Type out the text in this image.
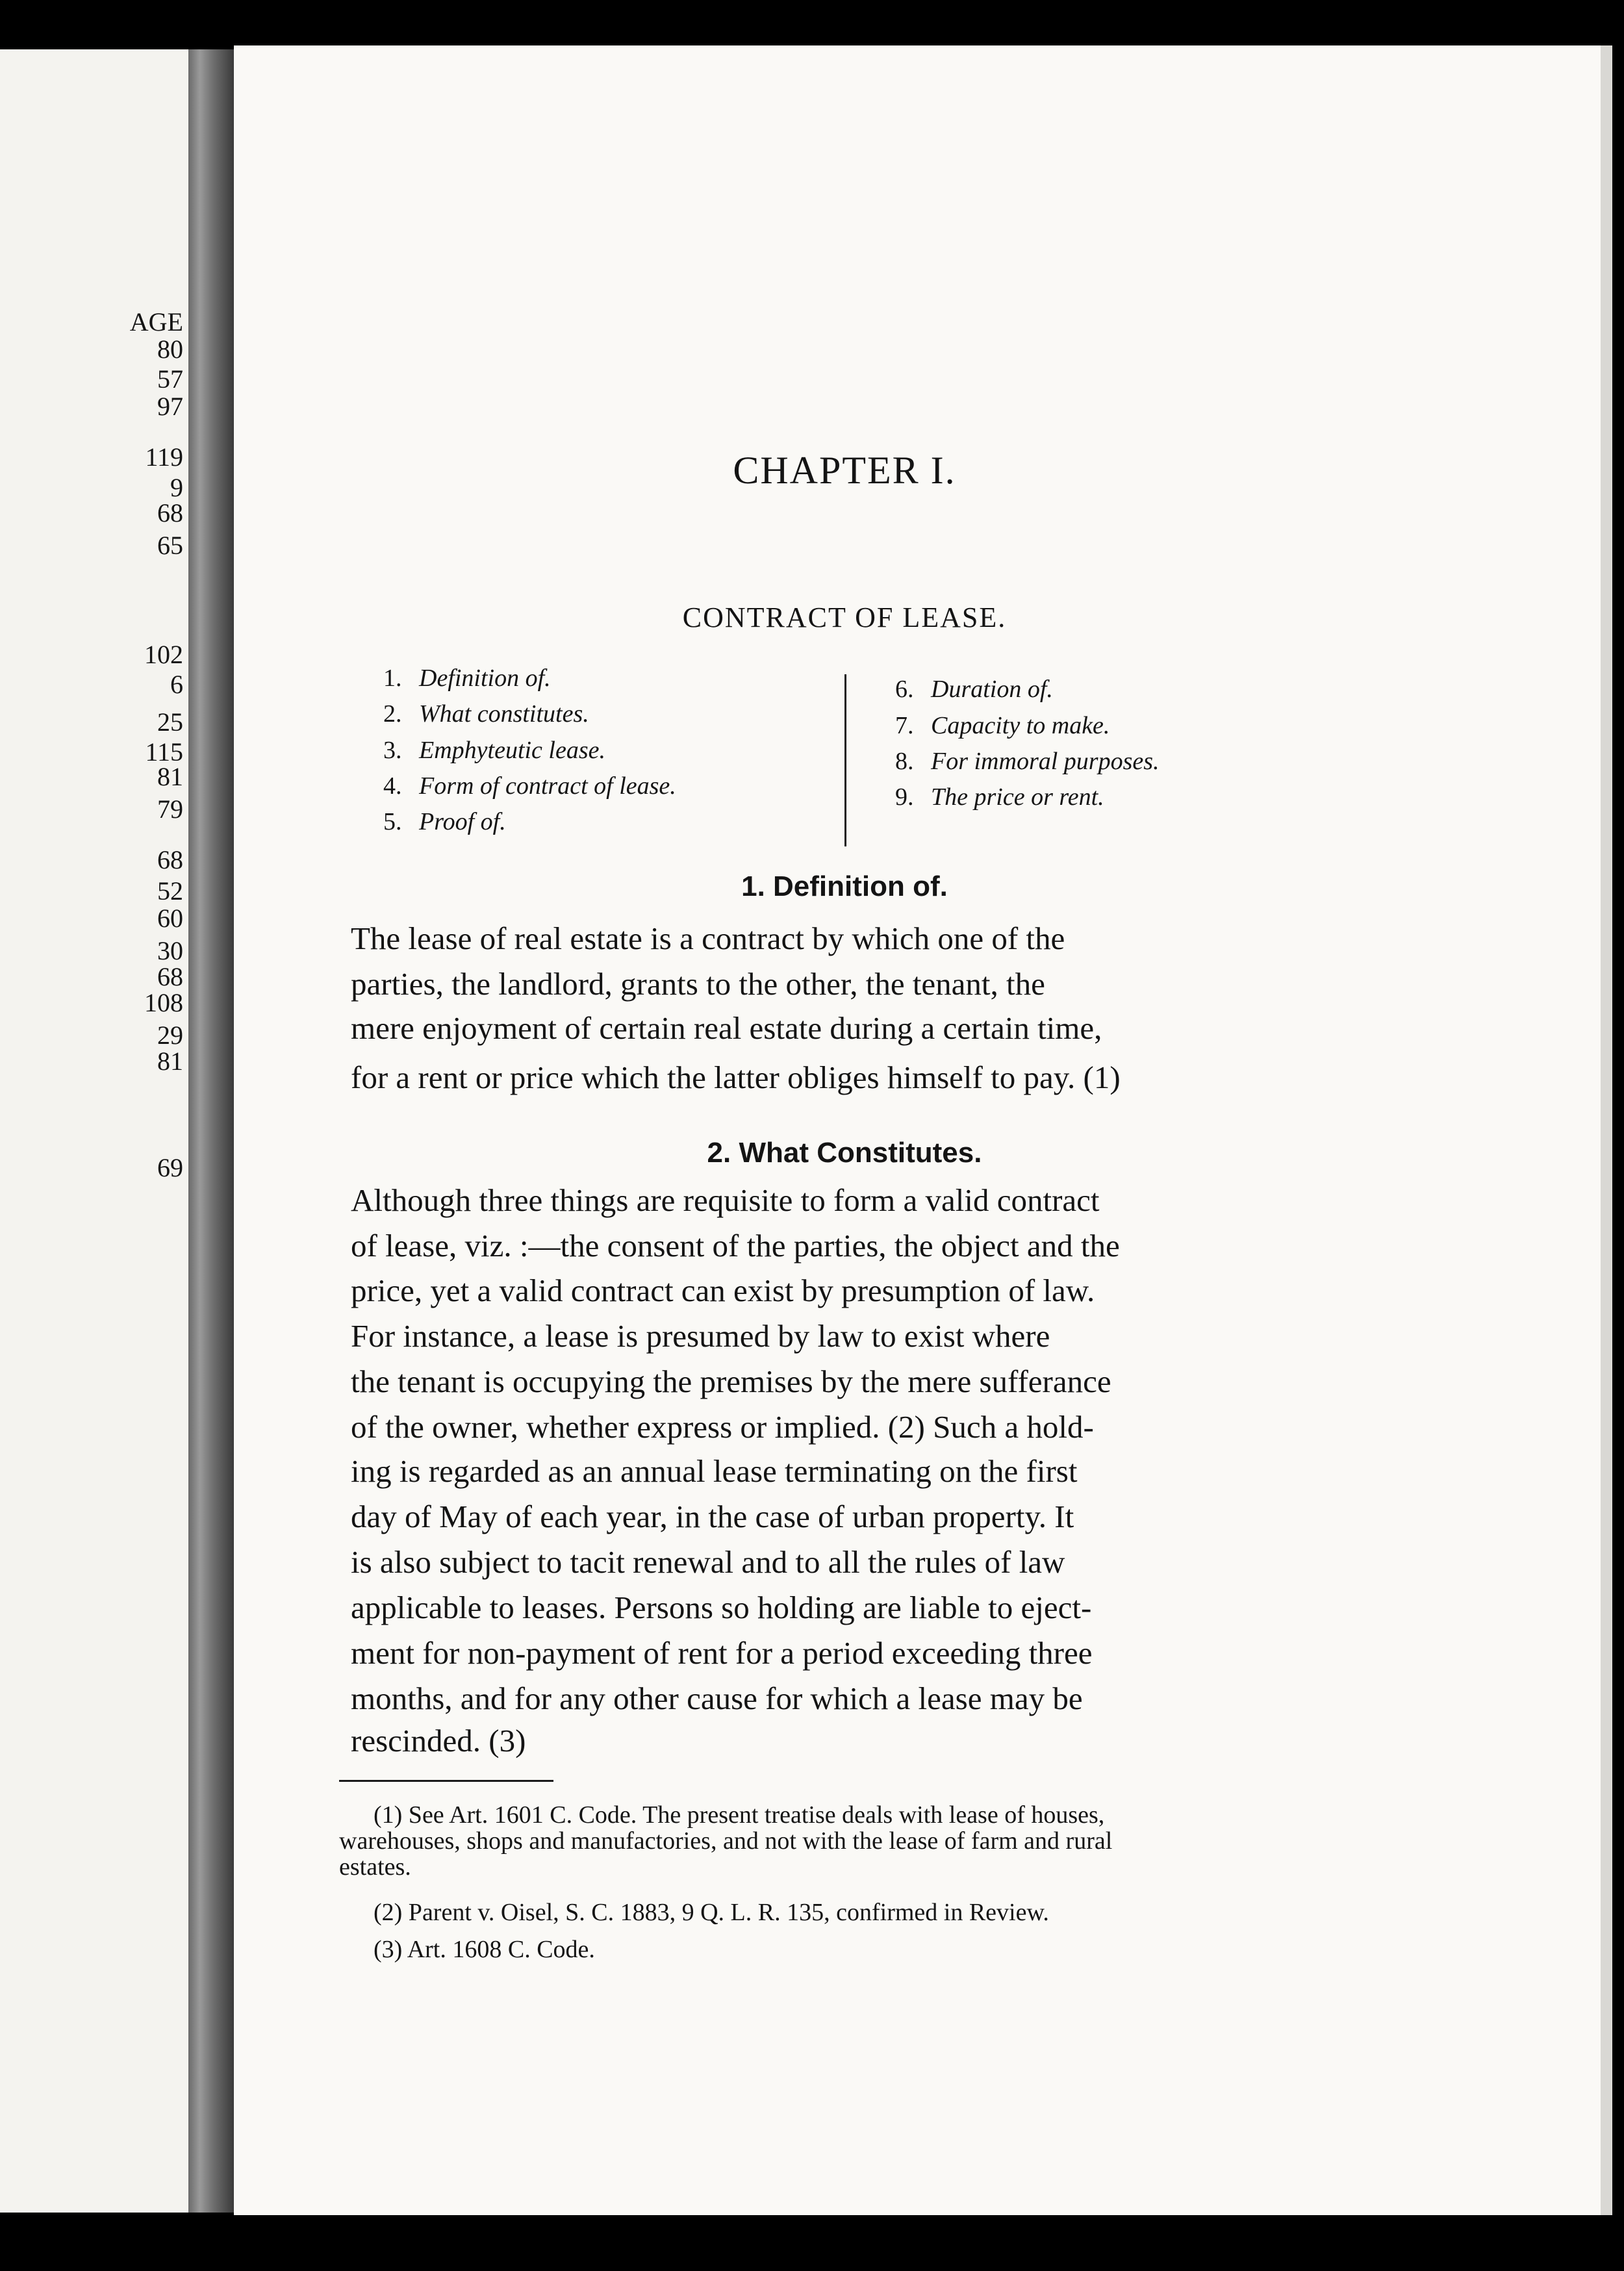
AGE
80
57
97
119
9
68
65
102
6
25
115
81
79
68
52
60
30
68
108
29
81
69
CHAPTER I.
CONTRACT OF LEASE.
1. Definition of.
2. What constitutes.
3. Emphyteutic lease.
4. Form of contract of lease.
5. Proof of.
6. Duration of.
7. Capacity to make.
8. For immoral purposes.
9. The price or rent.
1. Definition of.
The lease of real estate is a contract by which one of the
parties, the landlord, grants to the other, the tenant, the
mere enjoyment of certain real estate during a certain time,
for a rent or price which the latter obliges himself to pay. (1)
2. What Constitutes.
Although three things are requisite to form a valid contract
of lease, viz. :—the consent of the parties, the object and the
price, yet a valid contract can exist by presumption of law.
For instance, a lease is presumed by law to exist where
the tenant is occupying the premises by the mere sufferance
of the owner, whether express or implied. (2) Such a hold-
ing is regarded as an annual lease terminating on the first
day of May of each year, in the case of urban property. It
is also subject to tacit renewal and to all the rules of law
applicable to leases. Persons so holding are liable to eject-
ment for non-payment of rent for a period exceeding three
months, and for any other cause for which a lease may be
rescinded. (3)
(1) See Art. 1601 C. Code. The present treatise deals with lease of houses,
warehouses, shops and manufactories, and not with the lease of farm and rural
estates.
(2) Parent v. Oisel, S. C. 1883, 9 Q. L. R. 135, confirmed in Review.
(3) Art. 1608 C. Code.
